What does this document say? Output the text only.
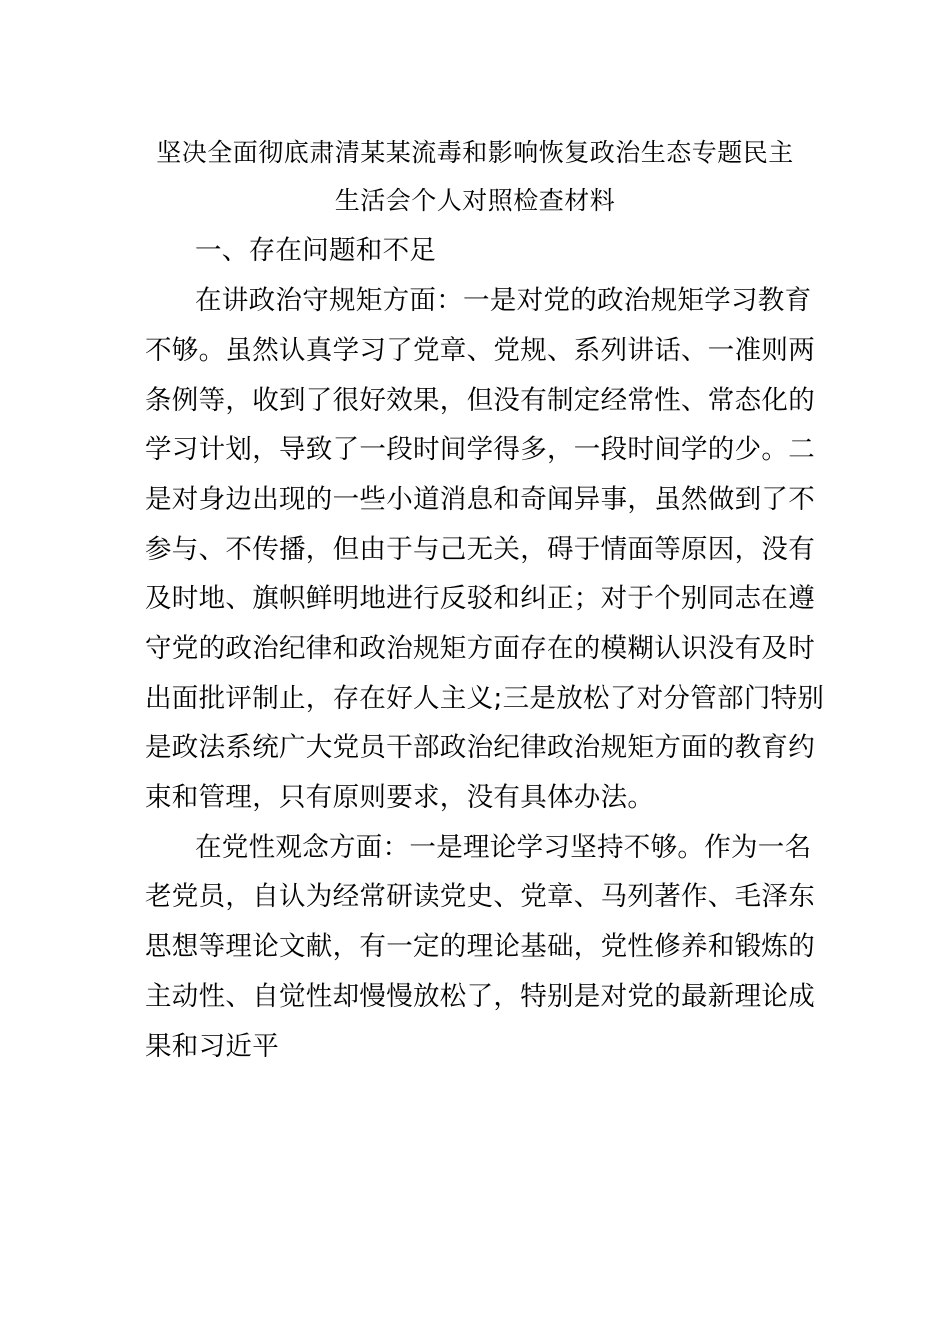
坚决全面彻底肃清某某流毒和影响恢复政治生态专题民主
生活会个人对照检查材料
一、存在问题和不足
在讲政治守规矩方面：一是对党的政治规矩学习教育
不够。虽然认真学习了党章、党规、系列讲话、一准则两
条例等，收到了很好效果，但没有制定经常性、常态化的
学习计划，导致了一段时间学得多，一段时间学的少。二
是对身边出现的一些小道消息和奇闻异事，虽然做到了不
参与、不传播，但由于与己无关，碍于情面等原因，没有
及时地、旗帜鲜明地进行反驳和纠正；对于个别同志在遵
守党的政治纪律和政治规矩方面存在的模糊认识没有及时
出面批评制止，存在好人主义;三是放松了对分管部门特别
是政法系统广大党员干部政治纪律政治规矩方面的教育约
束和管理，只有原则要求，没有具体办法。
在党性观念方面：一是理论学习坚持不够。作为一名
老党员，自认为经常研读党史、党章、马列著作、毛泽东
思想等理论文献，有一定的理论基础，党性修养和锻炼的
主动性、自觉性却慢慢放松了，特别是对党的最新理论成
果和习近平
